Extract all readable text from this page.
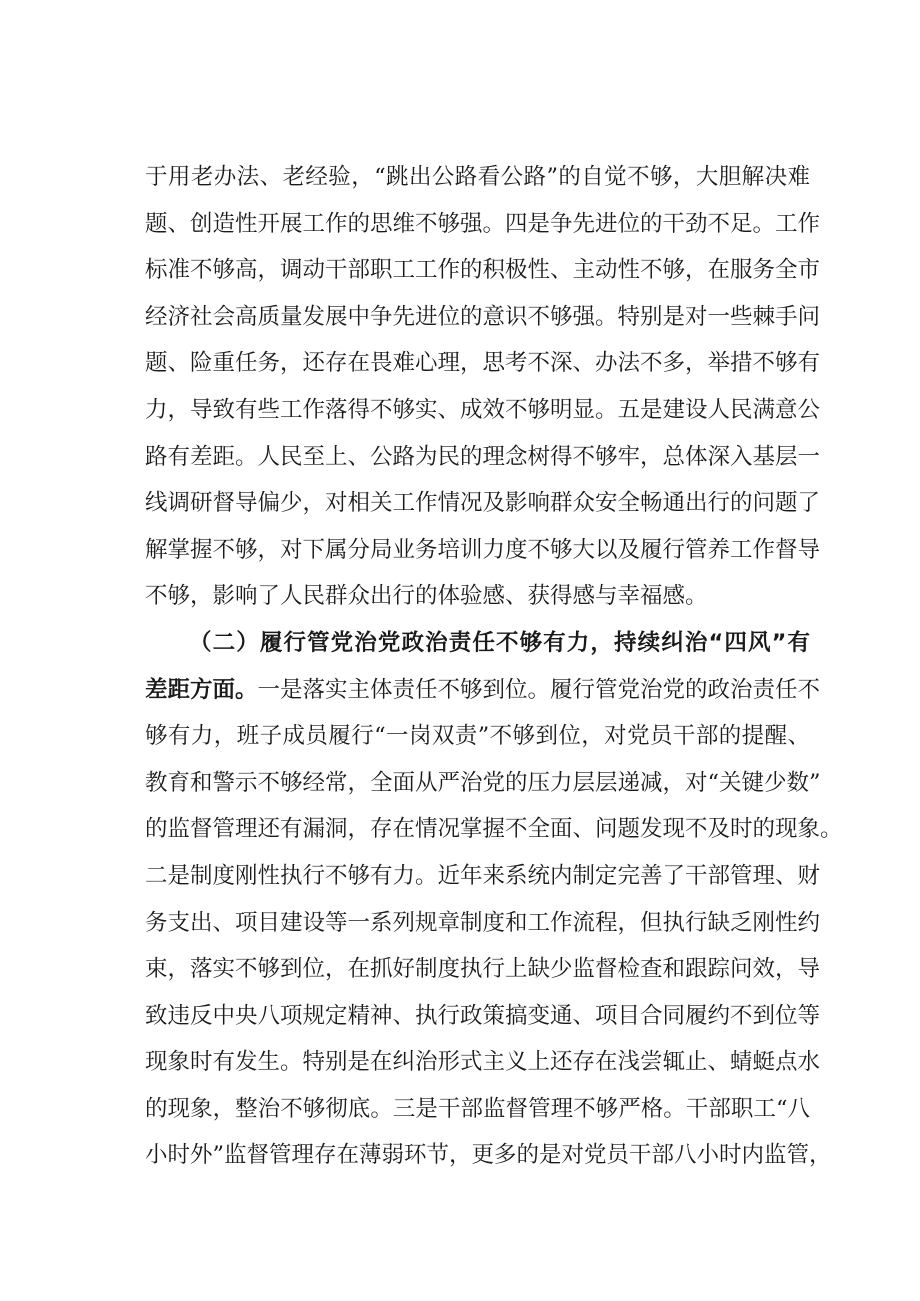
于用老办法、老经验，“跳出公路看公路”的自觉不够，大胆解决难
题、创造性开展工作的思维不够强。四是争先进位的干劲不足。工作
标准不够高，调动干部职工工作的积极性、主动性不够，在服务全市
经济社会高质量发展中争先进位的意识不够强。特别是对一些棘手问
题、险重任务，还存在畏难心理，思考不深、办法不多，举措不够有
力，导致有些工作落得不够实、成效不够明显。五是建设人民满意公
路有差距。人民至上、公路为民的理念树得不够牢，总体深入基层一
线调研督导偏少，对相关工作情况及影响群众安全畅通出行的问题了
解掌握不够，对下属分局业务培训力度不够大以及履行管养工作督导
不够，影响了人民群众出行的体验感、获得感与幸福感。
（二）履行管党治党政治责任不够有力，持续纠治“四风”有
差距方面。一是落实主体责任不够到位。履行管党治党的政治责任不
够有力，班子成员履行“一岗双责”不够到位，对党员干部的提醒、
教育和警示不够经常，全面从严治党的压力层层递减，对“关键少数”
的监督管理还有漏洞，存在情况掌握不全面、问题发现不及时的现象。
二是制度刚性执行不够有力。近年来系统内制定完善了干部管理、财
务支出、项目建设等一系列规章制度和工作流程，但执行缺乏刚性约
束，落实不够到位，在抓好制度执行上缺少监督检查和跟踪问效，导
致违反中央八项规定精神、执行政策搞变通、项目合同履约不到位等
现象时有发生。特别是在纠治形式主义上还存在浅尝辄止、蜻蜓点水
的现象，整治不够彻底。三是干部监督管理不够严格。干部职工“八
小时外”监督管理存在薄弱环节，更多的是对党员干部八小时内监管，
